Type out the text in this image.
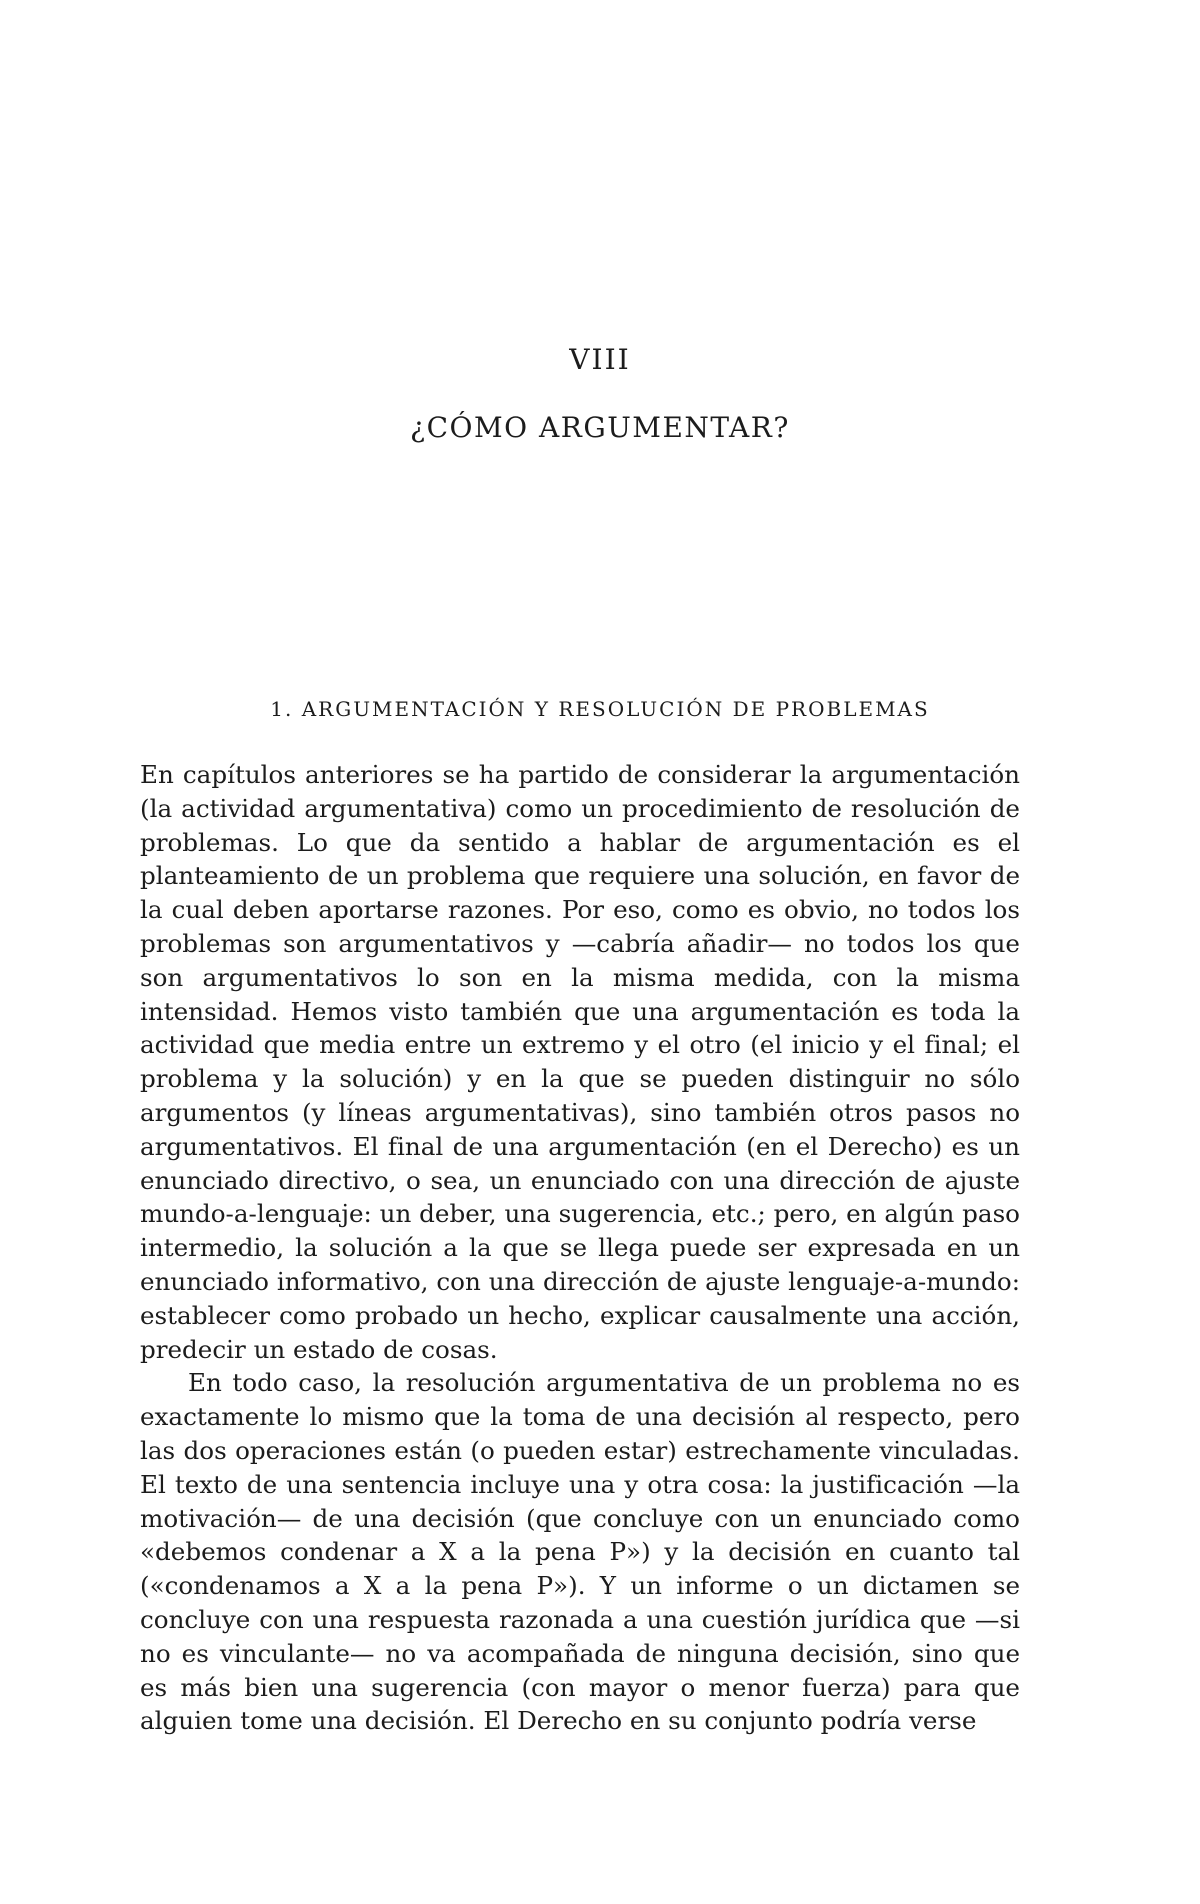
VIII
¿CÓMO ARGUMENTAR?
1. ARGUMENTACIÓN Y RESOLUCIÓN DE PROBLEMAS

En capítulos anteriores se ha partido de considerar la argumentación (la actividad argumentativa) como un procedimiento de resolución de problemas. Lo que da sentido a hablar de argumentación es el planteamiento de un problema que requiere una solución, en favor de la cual deben aportarse razones. Por eso, como es obvio, no todos los problemas son argumentativos y —cabría añadir— no todos los que son argumentativos lo son en la misma medida, con la misma intensidad. Hemos visto también que una argumentación es toda la actividad que media entre un extremo y el otro (el inicio y el final; el problema y la solución) y en la que se pueden distinguir no sólo argumentos (y líneas argumentativas), sino también otros pasos no argumentativos. El final de una argumentación (en el Derecho) es un enunciado directivo, o sea, un enunciado con una dirección de ajuste mundo-a-lenguaje: un deber, una sugerencia, etc.; pero, en algún paso intermedio, la solución a la que se llega puede ser expresada en un enunciado informativo, con una dirección de ajuste lenguaje-a-mundo: establecer como probado un hecho, explicar causalmente una acción, predecir un estado de cosas.

En todo caso, la resolución argumentativa de un problema no es exactamente lo mismo que la toma de una decisión al respecto, pero las dos operaciones están (o pueden estar) estrechamente vinculadas. El texto de una sentencia incluye una y otra cosa: la justificación —la motivación— de una decisión (que concluye con un enunciado como «debemos condenar a X a la pena P») y la decisión en cuanto tal («condenamos a X a la pena P»). Y un informe o un dictamen se concluye con una respuesta razonada a una cuestión jurídica que —si no es vinculante— no va acompañada de ninguna decisión, sino que es más bien una sugerencia (con mayor o menor fuerza) para que alguien tome una decisión. El Derecho en su conjunto podría verse
